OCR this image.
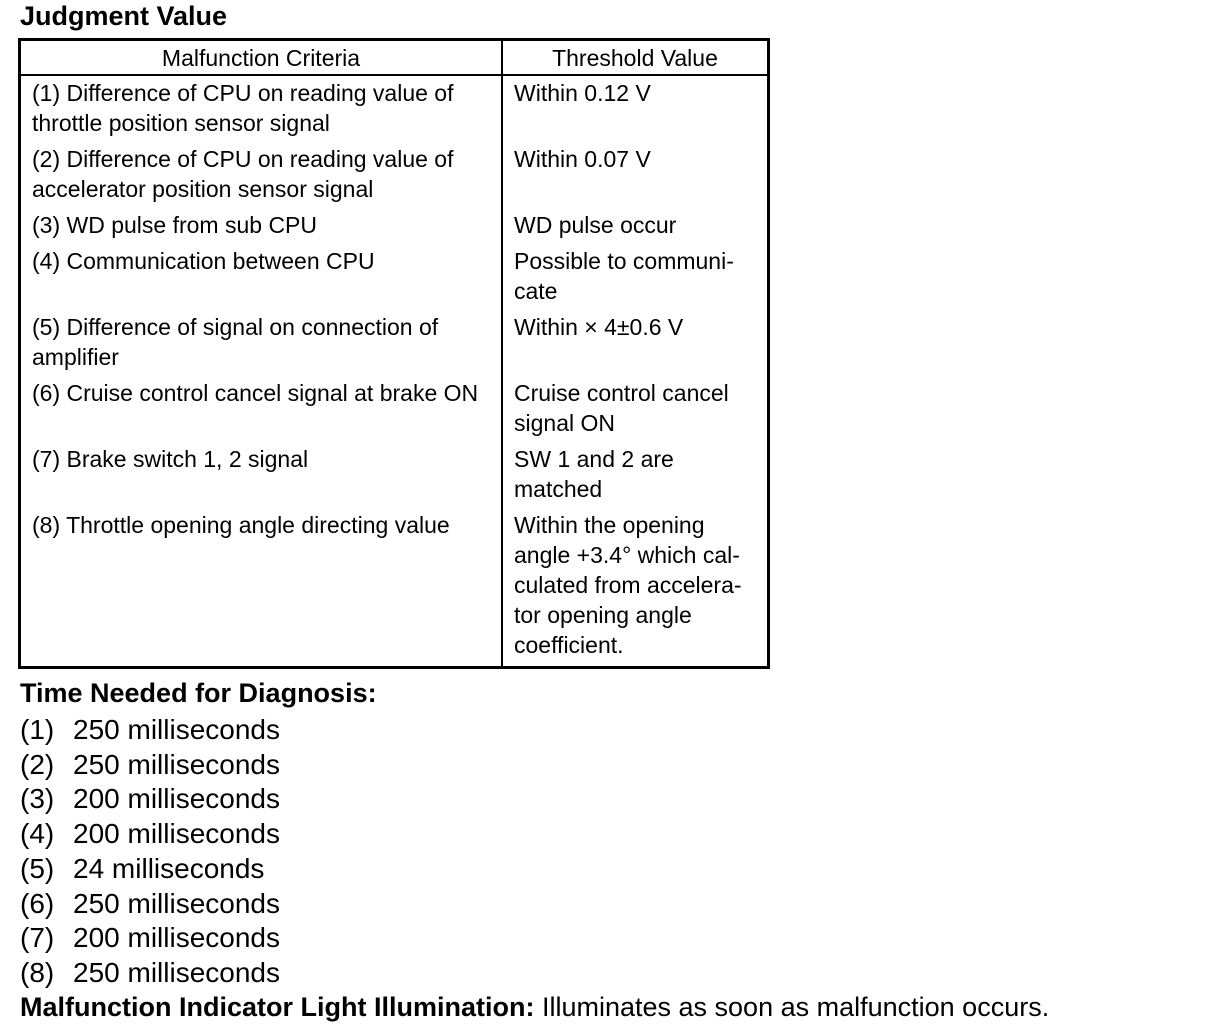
Judgment Value
Malfunction Criteria	Threshold Value
(1) Difference of CPU on reading value of throttle position sensor signal	Within 0.12 V
(2) Difference of CPU on reading value of accelerator position sensor signal	Within 0.07 V
(3) WD pulse from sub CPU	WD pulse occur
(4) Communication between CPU	Possible to communi- cate
(5) Difference of signal on connection of amplifier	Within × 4±0.6 V
(6) Cruise control cancel signal at brake ON	Cruise control cancel signal ON
(7) Brake switch 1, 2 signal	SW 1 and 2 are matched
(8) Throttle opening angle directing value	Within the opening angle +3.4° which cal- culated from accelera- tor opening angle coefficient.
Time Needed for Diagnosis:
(1) 250 milliseconds
(2) 250 milliseconds
(3) 200 milliseconds
(4) 200 milliseconds
(5) 24 milliseconds
(6) 250 milliseconds
(7) 200 milliseconds
(8) 250 milliseconds
Malfunction Indicator Light Illumination: Illuminates as soon as malfunction occurs.
